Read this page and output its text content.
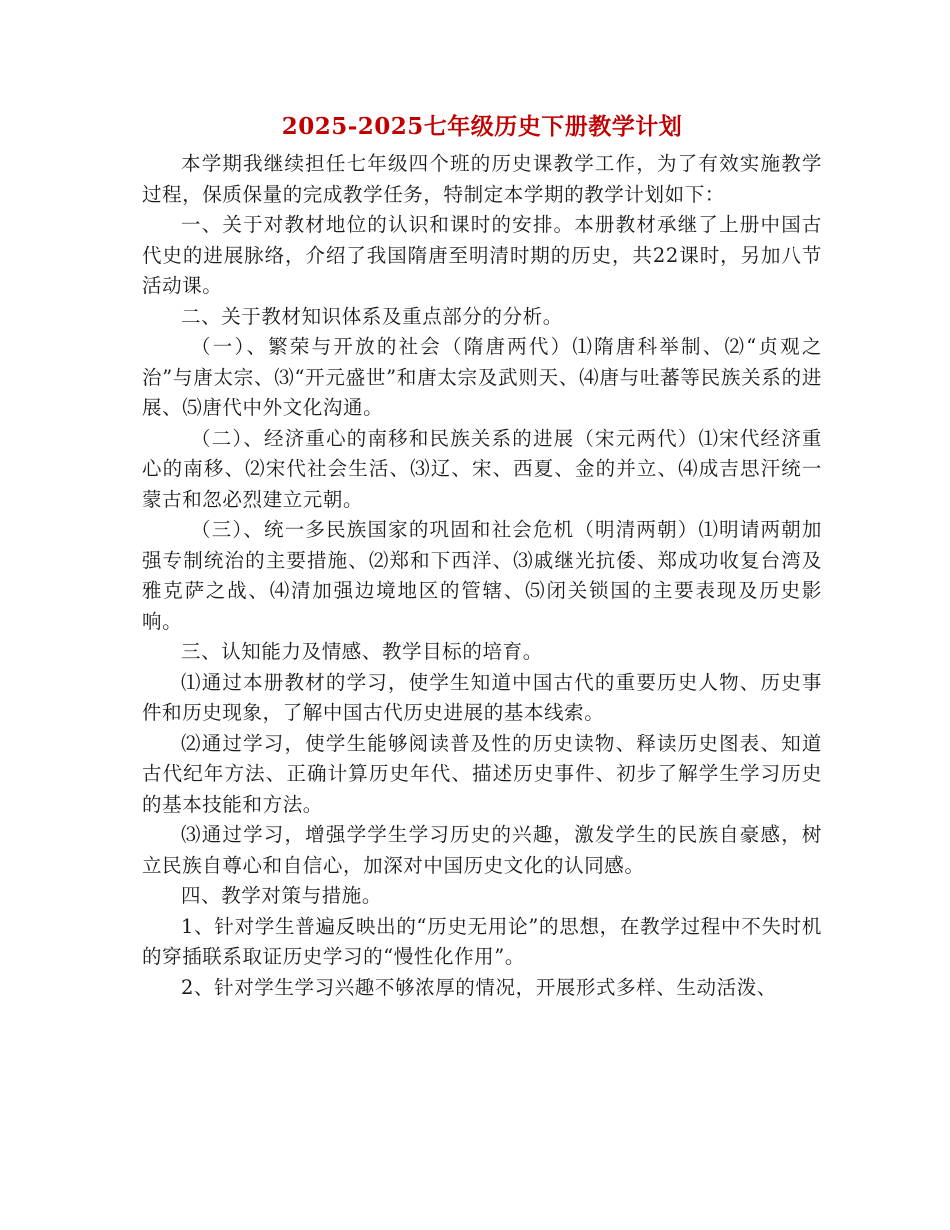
2025-2025七年级历史下册教学计划

本学期我继续担任七年级四个班的历史课教学工作，为了有效实施教学过程，保质保量的完成教学任务，特制定本学期的教学计划如下：

一、关于对教材地位的认识和课时的安排。本册教材承继了上册中国古代史的进展脉络，介绍了我国隋唐至明清时期的历史，共22课时，另加八节活动课。

二、关于教材知识体系及重点部分的分析。

（一）、繁荣与开放的社会（隋唐两代）⑴隋唐科举制、⑵“贞观之治”与唐太宗、⑶“开元盛世”和唐太宗及武则天、⑷唐与吐蕃等民族关系的进展、⑸唐代中外文化沟通。

（二）、经济重心的南移和民族关系的进展（宋元两代）⑴宋代经济重心的南移、⑵宋代社会生活、⑶辽、宋、西夏、金的并立、⑷成吉思汗统一蒙古和忽必烈建立元朝。

（三）、统一多民族国家的巩固和社会危机（明清两朝）⑴明请两朝加强专制统治的主要措施、⑵郑和下西洋、⑶戚继光抗倭、郑成功收复台湾及雅克萨之战、⑷清加强边境地区的管辖、⑸闭关锁国的主要表现及历史影响。

三、认知能力及情感、教学目标的培育。

⑴通过本册教材的学习，使学生知道中国古代的重要历史人物、历史事件和历史现象，了解中国古代历史进展的基本线索。

⑵通过学习，使学生能够阅读普及性的历史读物、释读历史图表、知道古代纪年方法、正确计算历史年代、描述历史事件、初步了解学生学习历史的基本技能和方法。

⑶通过学习，增强学学生学习历史的兴趣，激发学生的民族自豪感，树立民族自尊心和自信心，加深对中国历史文化的认同感。

四、教学对策与措施。

1、针对学生普遍反映出的“历史无用论”的思想，在教学过程中不失时机的穿插联系取证历史学习的“慢性化作用”。

2、针对学生学习兴趣不够浓厚的情况，开展形式多样、生动活泼、
